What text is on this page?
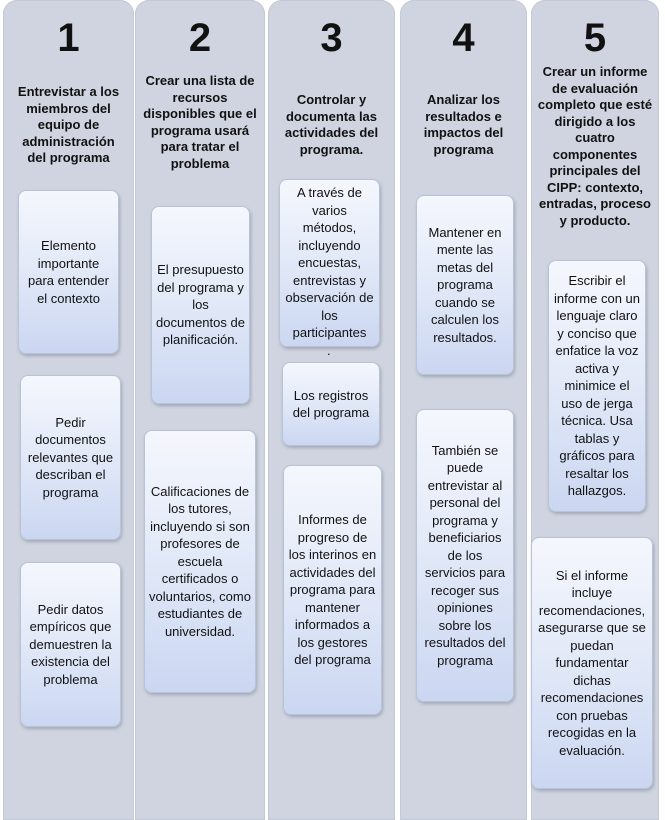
1
Entrevistar a los miembros del equipo de administración del programa
Elemento importante para entender el contexto
Pedir documentos relevantes que describan el programa
Pedir datos empíricos que demuestren la existencia del problema
2
Crear una lista de recursos disponibles que el programa usará para tratar el problema
El presupuesto del programa y los documentos de planificación.
Calificaciones de los tutores, incluyendo si son profesores de escuela certificados o voluntarios, como estudiantes de universidad.
3
Controlar y documenta las actividades del programa.
A través de varios métodos, incluyendo encuestas, entrevistas y observación de los participantes
.
Los registros del programa
Informes de progreso de los interinos en actividades del programa para mantener informados a los gestores del programa
4
Analizar los resultados e impactos del programa
Mantener en mente las metas del programa cuando se calculen los resultados.
También se puede entrevistar al personal del programa y beneficiarios de los servicios para recoger sus opiniones sobre los resultados del programa
5
Crear un informe de evaluación completo que esté dirigido a los cuatro componentes principales del CIPP: contexto, entradas, proceso y producto.
Escribir el informe con un lenguaje claro y conciso que enfatice la voz activa y minimice el uso de jerga técnica. Usa tablas y gráficos para resaltar los hallazgos.
Si el informe incluye recomendaciones, asegurarse que se puedan fundamentar dichas recomendaciones con pruebas recogidas en la evaluación.
